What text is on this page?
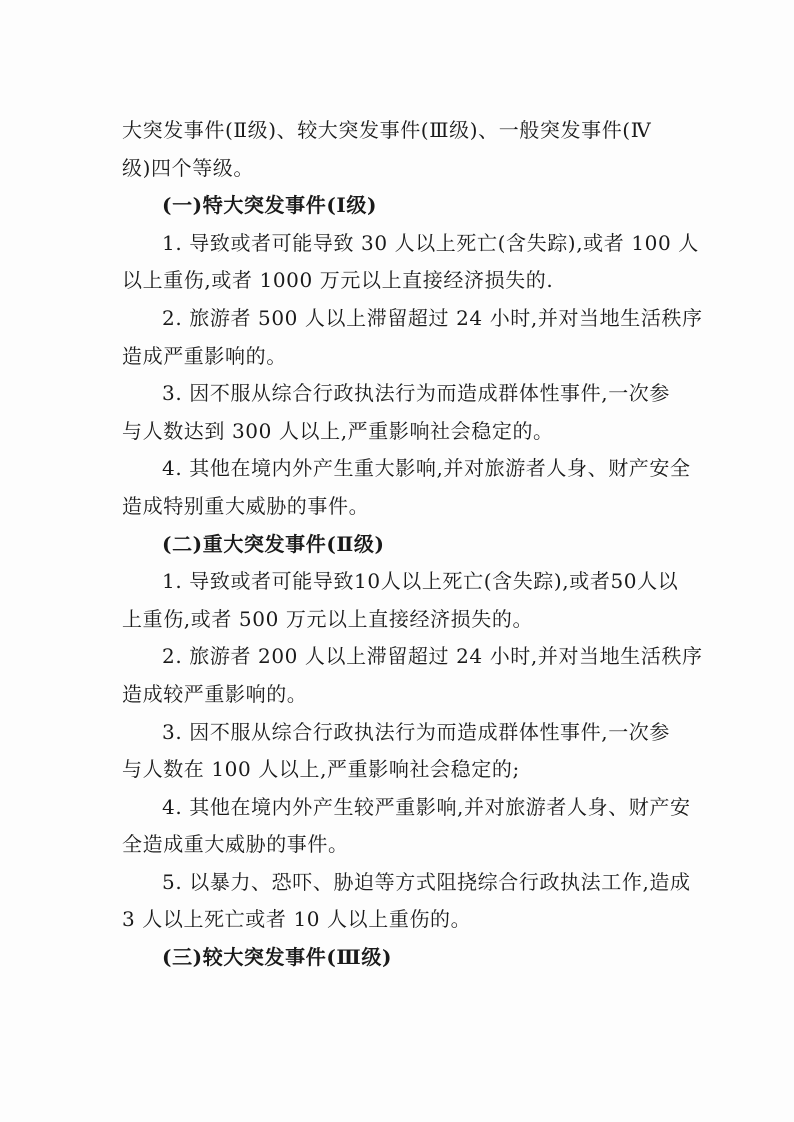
大突发事件(Ⅱ级)、较大突发事件(Ⅲ级)、一般突发事件(Ⅳ
级)四个等级。
(一)特大突发事件(Ⅰ级)
1. 导致或者可能导致 30 人以上死亡(含失踪),或者 100 人
以上重伤,或者 1000 万元以上直接经济损失的.
2. 旅游者 500 人以上滞留超过 24 小时,并对当地生活秩序
造成严重影响的。
3. 因不服从综合行政执法行为而造成群体性事件,一次参
与人数达到 300 人以上,严重影响社会稳定的。
4. 其他在境内外产生重大影响,并对旅游者人身、财产安全
造成特别重大威胁的事件。
(二)重大突发事件(Ⅱ级)
1. 导致或者可能导致10人以上死亡(含失踪),或者50人以
上重伤,或者 500 万元以上直接经济损失的。
2. 旅游者 200 人以上滞留超过 24 小时,并对当地生活秩序
造成较严重影响的。
3. 因不服从综合行政执法行为而造成群体性事件,一次参
与人数在 100 人以上,严重影响社会稳定的;
4. 其他在境内外产生较严重影响,并对旅游者人身、财产安
全造成重大威胁的事件。
5. 以暴力、恐吓、胁迫等方式阻挠综合行政执法工作,造成
3 人以上死亡或者 10 人以上重伤的。
(三)较大突发事件(Ⅲ级)
